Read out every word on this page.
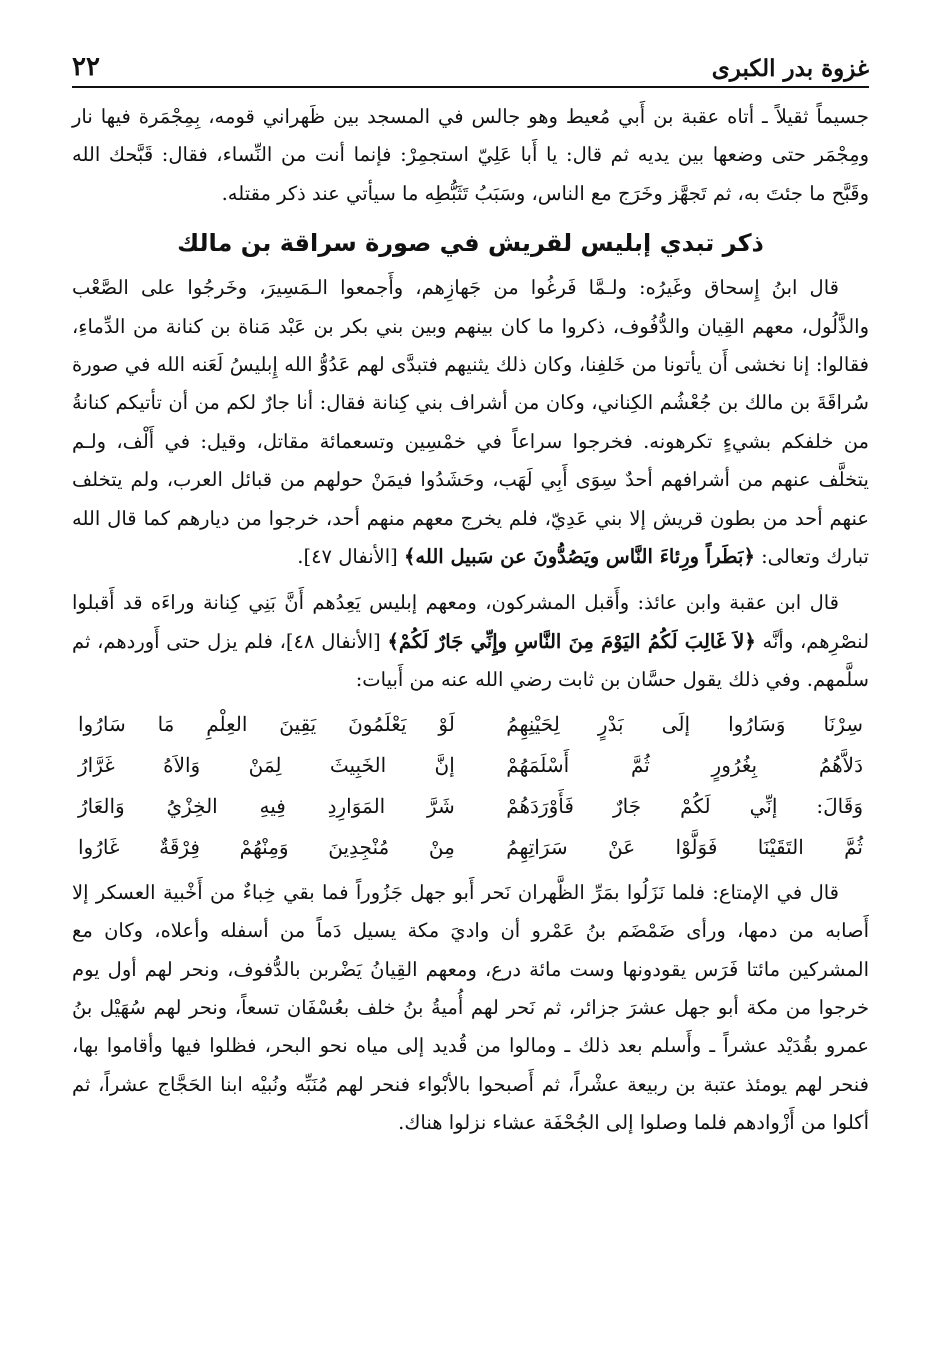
غزوة بدر الكبرى
٢٢

جسيماً ثقيلاً ـ أتاه عقبة بن أَبي مُعيط وهو جالس في المسجد بين ظَهراني قومه، بِمِجْمَرة فيها نار ومِجْمَر حتى وضعها بين يديه ثم قال: يا أَبا عَلِيّ استجمِرْ: فإنما أنت من النِّساء، فقال: قَبَّحك الله وقَبَّح ما جئتَ به، ثم تَجهَّز وخَرَج مع الناس، وسَبَبُ تَثَبُّطِه ما سيأتي عند ذكر مقتله.

ذكر تبدي إبليس لقريش في صورة سراقة بن مالك

قال ابنُ إِسحاق وغَيرُه: ولـمَّا فَرغُوا من جَهازِهم، وأَجمعوا الـمَسِيرَ، وخَرجُوا على الصَّعْب والذَّلُول، معهم القِيان والدُّفُوف، ذكروا ما كان بينهم وبين بني بكر بن عَبْد مَناة بن كنانة من الدِّماءِ، فقالوا: إنا نخشى أَن يأتونا من خَلفِنا، وكان ذلك يثنيهم فتبدَّى لهم عَدُوُّ الله إِبليسُ لَعَنه الله في صورة سُراقَةَ بن مالك بن جُعْشُم الكِناني، وكان من أشراف بني كِنانة فقال: أنا جارٌ لكم من أن تأتيكم كنانةُ من خلفكم بشيءٍ تكرهونه. فخرجوا سراعاً في خمْسِين وتسعمائة مقاتل، وقيل: في أَلْف، ولـم يتخلَّف عنهم من أشرافهم أحدٌ سِوَى أَبِي لَهَب، وحَشَدُوا فيمَنْ حولهم من قبائل العرب، ولم يتخلف عنهم أحد من بطون قريش إلا بني عَدِيّ، فلم يخرج معهم منهم أحد، خرجوا من ديارهم كما قال الله تبارك وتعالى: ﴿بَطَراً ورِئاءَ النَّاس ويَصُدُّونَ عن سَبيل الله﴾ [الأنفال ٤٧].

قال ابن عقبة وابن عائذ: وأَقبل المشركون، ومعهم إبليس يَعِدُهم أَنَّ بَنِي كِنانة وراءَه قد أَقبلوا لنصْرِهم، وأنَّه ﴿لاَ غَالِبَ لَكُمُ اليَوْمَ مِنَ النَّاسِ وإِنِّي جَارٌ لَكُمْ﴾ [الأنفال ٤٨]، فلم يزل حتى أَوردهم، ثم سلَّمهم. وفي ذلك يقول حسَّان بن ثابت رضي الله عنه من أَبيات:

سِرْنَا وَسَارُوا إلَى بَدْرٍ لِحَيْنِهِمُ
لَوْ يَعْلَمُونَ يَقِينَ العِلْمِ مَا سَارُوا
دَلاَّهُمُ بِغُرُورٍ ثُمَّ أَسْلَمَهُمْ
إنَّ الخَبِيثَ لِمَنْ وَالاَهُ غَرَّارُ
وَقَالَ: إنِّي لَكُمْ جَارٌ فَأَوْرَدَهُمْ
شَرَّ المَوَارِدِ فِيهِ الخِزْيُ وَالعَارُ
ثُمَّ التَقَيْنَا فَوَلَّوْا عَنْ سَرَاتِهِمُ
مِنْ مُنْجِدِينَ وَمِنْهُمْ فِرْقَةٌ غَارُوا

قال في الإمتاع: فلما نَزَلُوا بمَرِّ الظَّهران نَحر أَبو جهل جَزُوراً فما بقي خِباءٌ من أَخْبية العسكر إلا أَصابه من دمها، ورأى ضَمْضَم بنُ عَمْرو أن واديَ مكة يسيل دَماً من أسفله وأعلاه، وكان مع المشركين مائتا فَرَس يقودونها وست مائة درع، ومعهم القِيانُ يَضْربن بالدُّفوف، ونحر لهم أول يوم خرجوا من مكة أبو جهل عشرَ جزائر، ثم نَحر لهم أُميةُ بنُ خلف بعُسْفَان تسعاً، ونحر لهم سُهَيْل بنُ عمرو بقُدَيْد عشراً ـ وأَسلم بعد ذلك ـ ومالوا من قُديد إلى مياه نحو البحر، فظلوا فيها وأقاموا بها، فنحر لهم يومئذ عتبة بن ربيعة عشْراً، ثم أَصبحوا بالأبْواء فنحر لهم مُنَبِّه ونُبيْه ابنا الحَجَّاج عشراً، ثم أكلوا من أَزْوادهم فلما وصلوا إلى الجُحْفَة عشاء نزلوا هناك.
